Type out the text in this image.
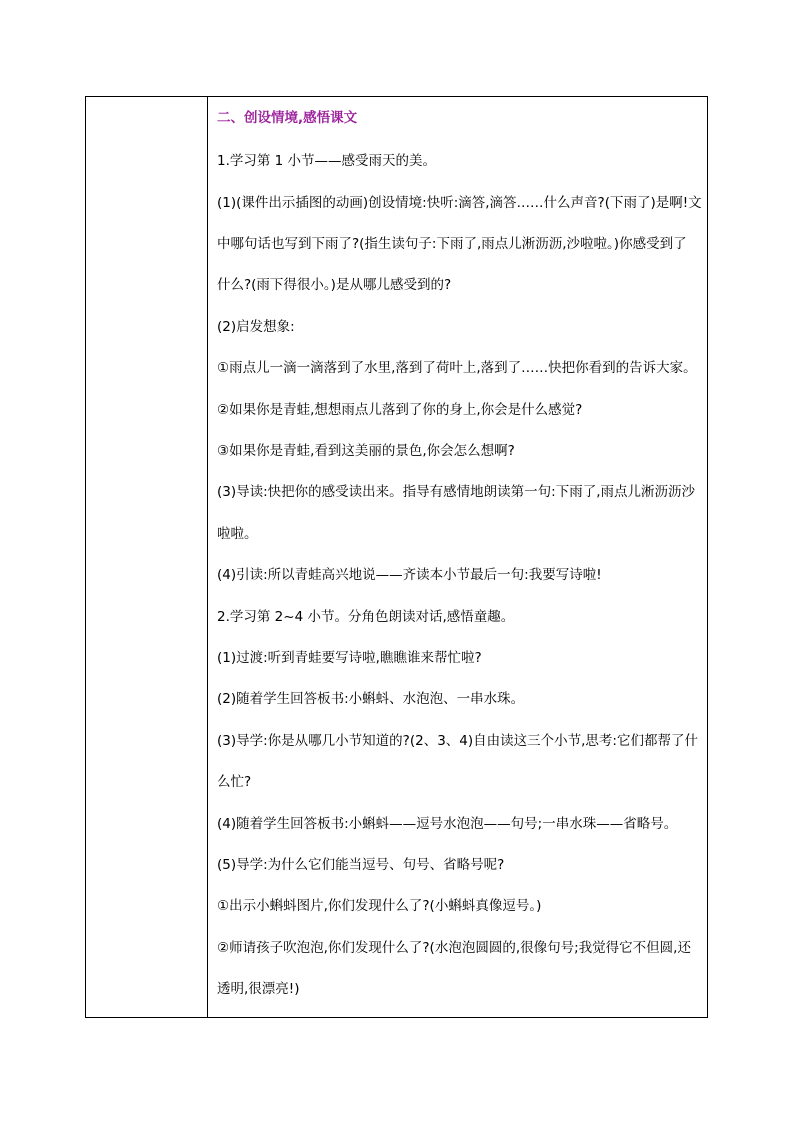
二、创设情境,感悟课文
1.学习第 1 小节——感受雨天的美。
(1)(课件出示插图的动画)创设情境:快听:滴答,滴答……什么声音?(下雨了)是啊!文
中哪句话也写到下雨了?(指生读句子:下雨了,雨点儿淅沥沥,沙啦啦。)你感受到了
什么?(雨下得很小。)是从哪儿感受到的?
(2)启发想象:
①雨点儿一滴一滴落到了水里,落到了荷叶上,落到了……快把你看到的告诉大家。
②如果你是青蛙,想想雨点儿落到了你的身上,你会是什么感觉?
③如果你是青蛙,看到这美丽的景色,你会怎么想啊?
(3)导读:快把你的感受读出来。指导有感情地朗读第一句:下雨了,雨点儿淅沥沥沙
啦啦。
(4)引读:所以青蛙高兴地说——齐读本小节最后一句:我要写诗啦!
2.学习第 2~4 小节。分角色朗读对话,感悟童趣。
(1)过渡:听到青蛙要写诗啦,瞧瞧谁来帮忙啦?
(2)随着学生回答板书:小蝌蚪、水泡泡、一串水珠。
(3)导学:你是从哪几小节知道的?(2、3、4)自由读这三个小节,思考:它们都帮了什
么忙?
(4)随着学生回答板书:小蝌蚪——逗号水泡泡——句号;一串水珠——省略号。
(5)导学:为什么它们能当逗号、句号、省略号呢?
①出示小蝌蚪图片,你们发现什么了?(小蝌蚪真像逗号。)
②师请孩子吹泡泡,你们发现什么了?(水泡泡圆圆的,很像句号;我觉得它不但圆,还
透明,很漂亮!)
